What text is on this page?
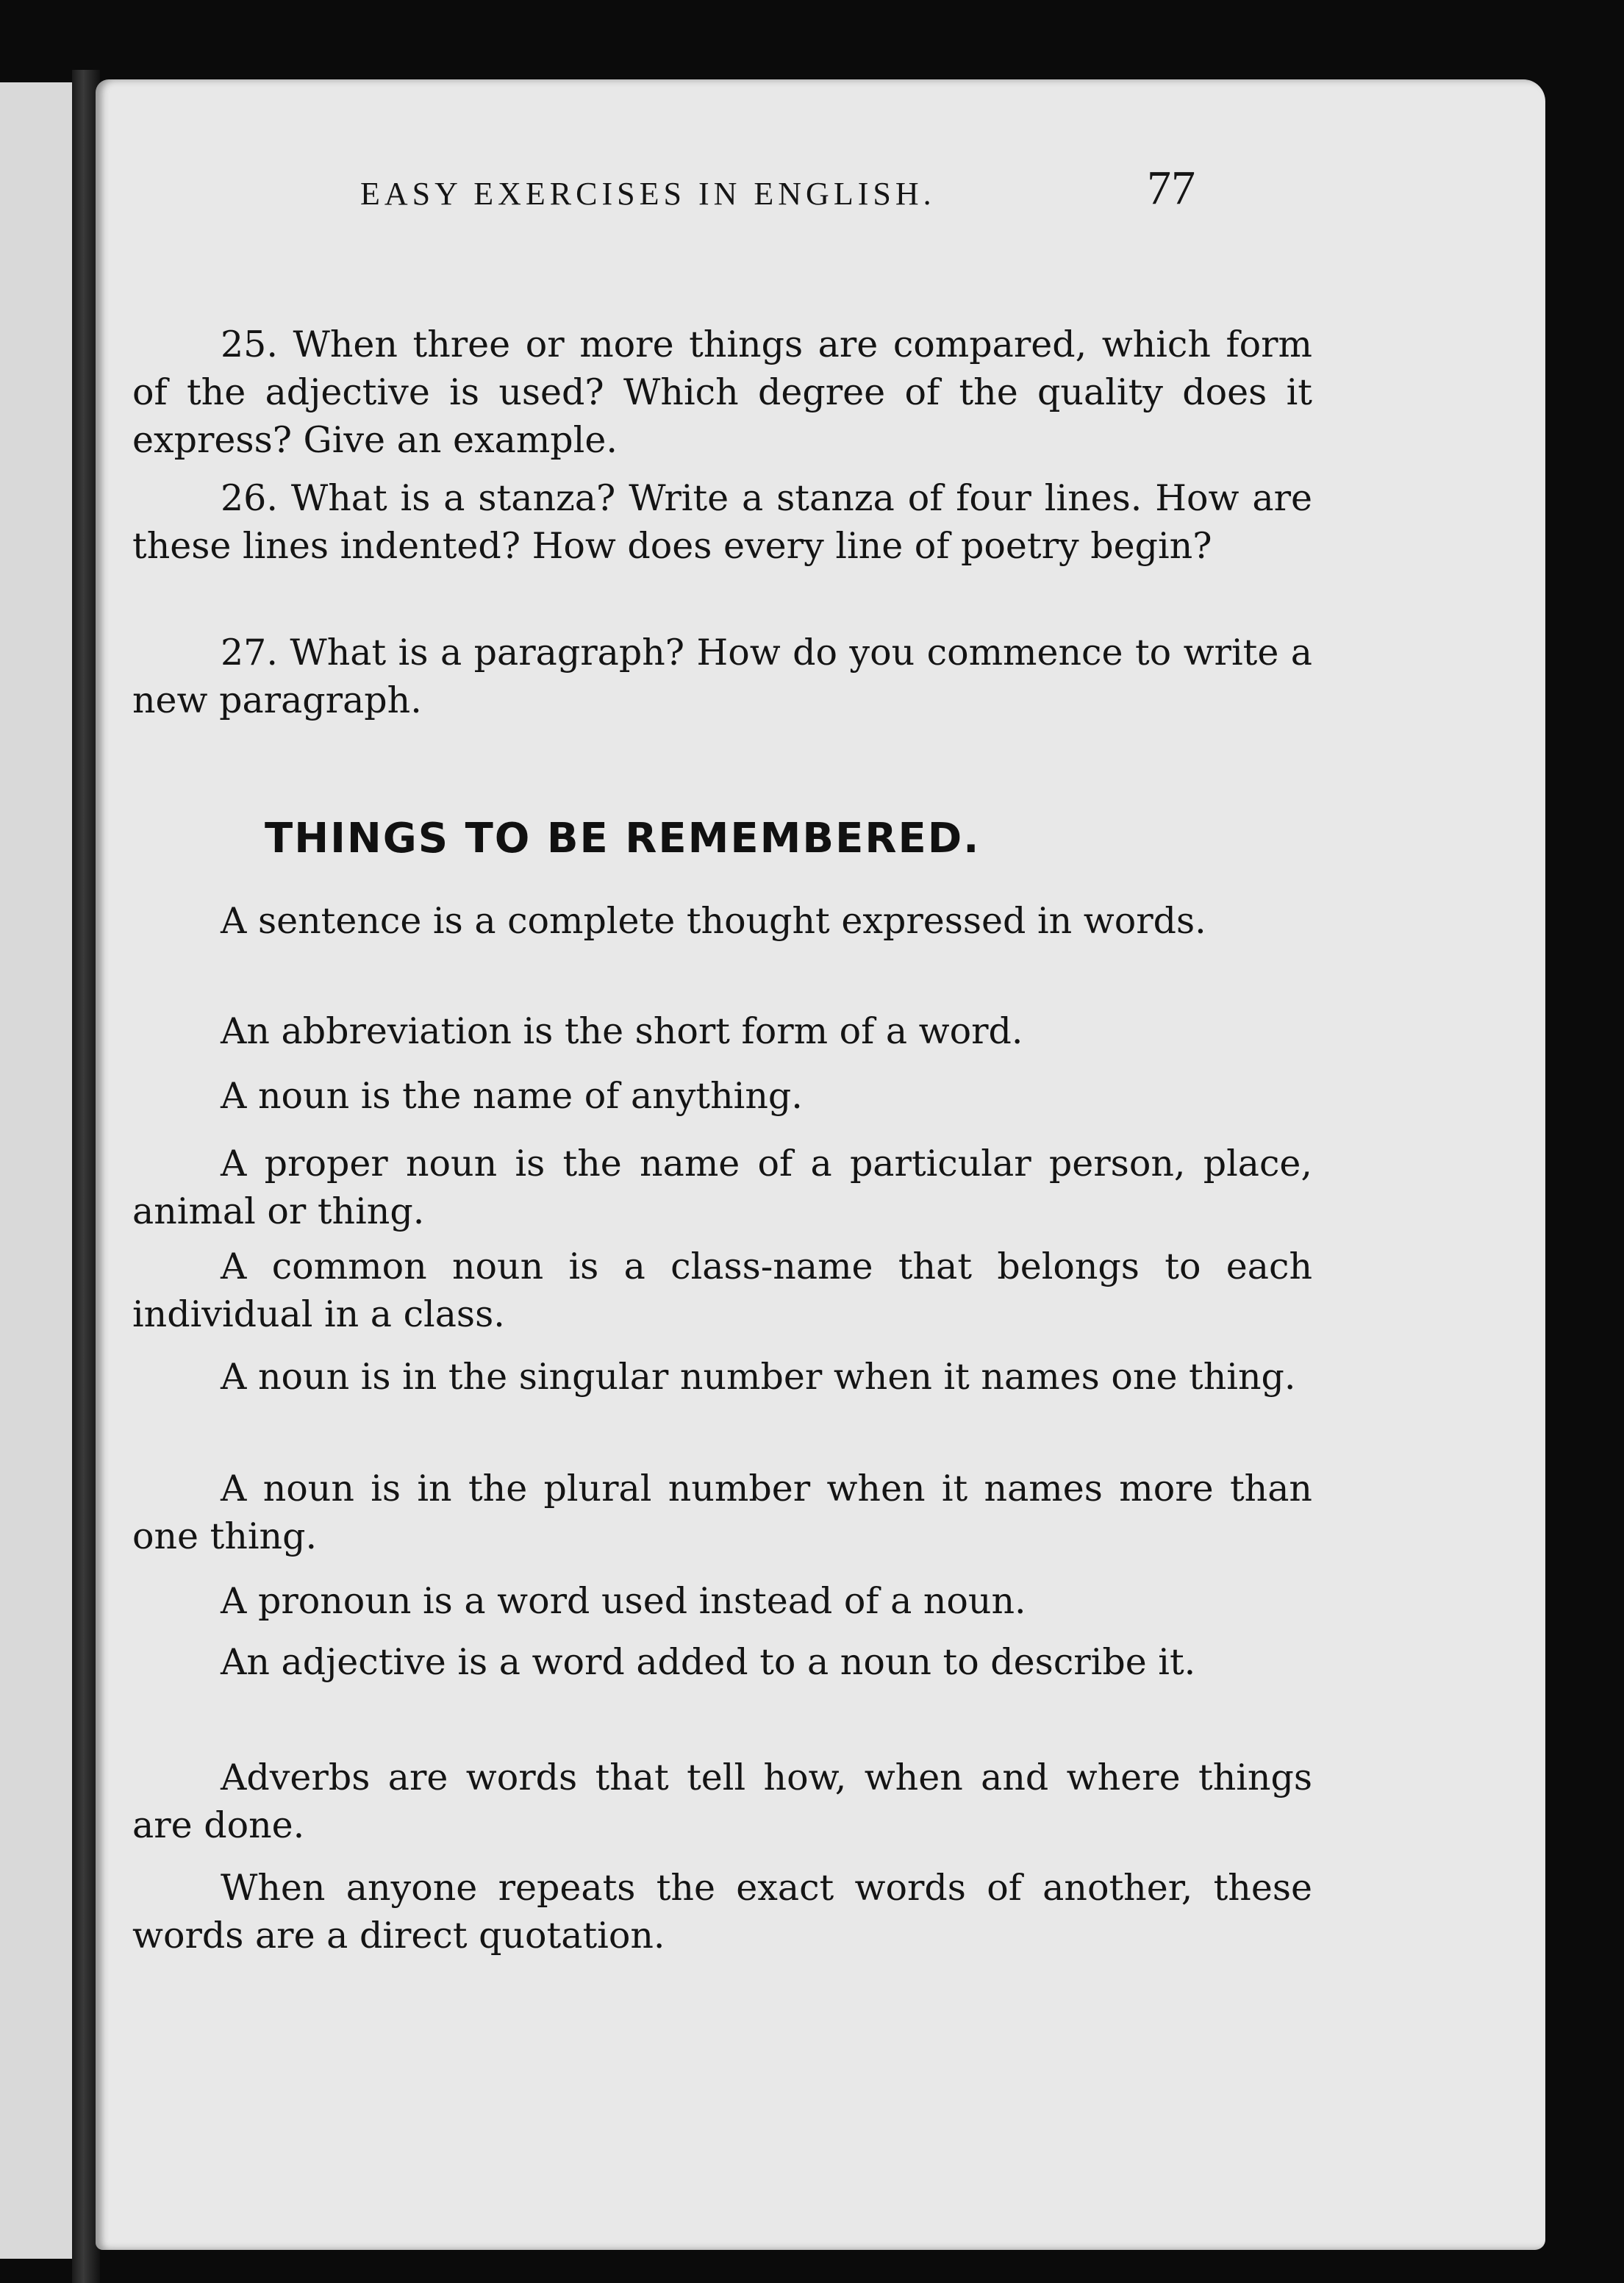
EASY EXERCISES IN ENGLISH.	77

25. When three or more things are compared, which form of the adjective is used? Which degree of the quality does it express? Give an example.

26. What is a stanza? Write a stanza of four lines. How are these lines indented? How does every line of poetry begin?

27. What is a paragraph? How do you commence to write a new paragraph.

THINGS TO BE REMEMBERED.

A sentence is a complete thought expressed in words.

An abbreviation is the short form of a word.

A noun is the name of anything.

A proper noun is the name of a particular person, place, animal or thing.

A common noun is a class-name that belongs to each individual in a class.

A noun is in the singular number when it names one thing.

A noun is in the plural number when it names more than one thing.

A pronoun is a word used instead of a noun.

An adjective is a word added to a noun to describe it.

Adverbs are words that tell how, when and where things are done.

When anyone repeats the exact words of another, these words are a direct quotation.
